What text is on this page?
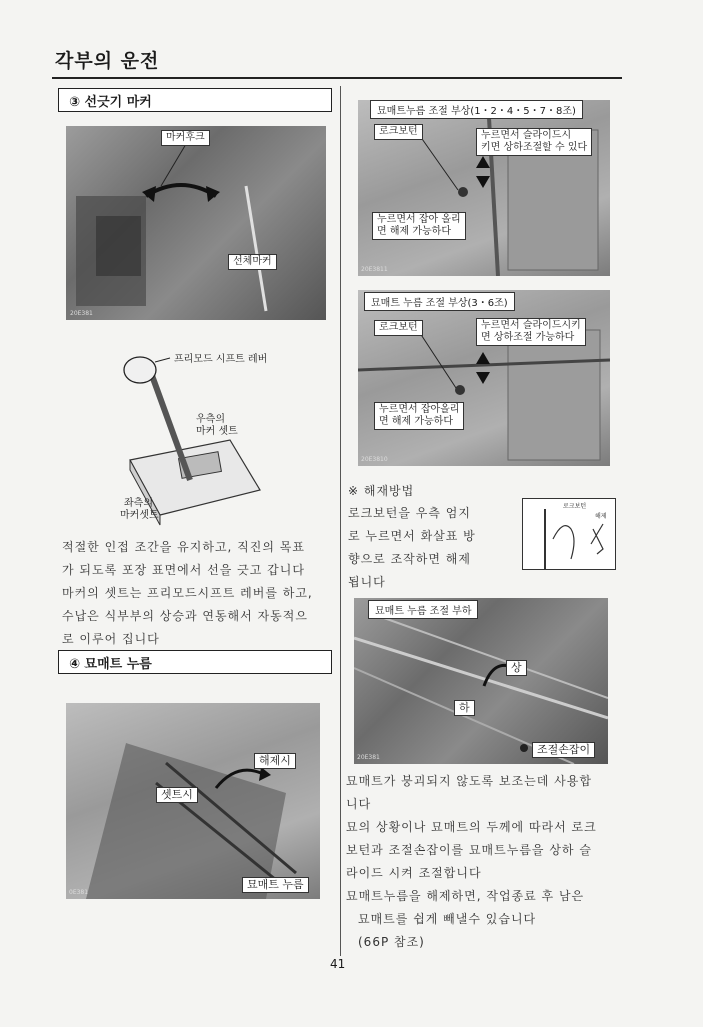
각부의 운전
③ 선긋기 마커
마커후크
선체마커
20E381
프리모드 시프트 레버
우측의
마커 셋트
좌측의
마커셋트
적절한 인접 조간을 유지하고, 직진의 목표
가 되도록 포장 표면에서 선을 긋고 갑니다
마커의 셋트는 프리모드시프트 레버를 하고,
수납은 식부부의 상승과 연동해서 자동적으
로 이루어 집니다
④ 묘매트 누름
해제시
셋트시
묘매트 누름
0E381
묘매트누름 조절 부상(1・2・4・5・7・8조)
로크보턴	누르면서 슬라이드시
키면 상하조절할 수 있다
누르면서 잡아 올리
면 해제 가능하다
20E3811
묘매트 누름 조절 부상(3・6조)
로크보턴	누르면서 슬라이드시키
면 상하조절 가능하다
누르면서 잡아올리
면 해제 가능하다
20E3810
※ 해재방법
로크보턴을 우측 엄지
로 누르면서 화살표 방
향으로 조작하면 해제
됩니다
로크보턴
해제
묘매트 누름 조절 부하
상
하
조절손잡이
20E381
묘매트가 붕괴되지 않도록 보조는데 사용합
니다
묘의 상황이나 묘매트의 두께에 따라서 로크
보턴과 조절손잡이를 묘매트누름을 상하 슬
라이드 시켜 조절합니다
묘매트누름을 해제하면, 작업종료 후 남은
묘매트를 쉽게 빼낼수 있습니다
(66P 참조)
41
